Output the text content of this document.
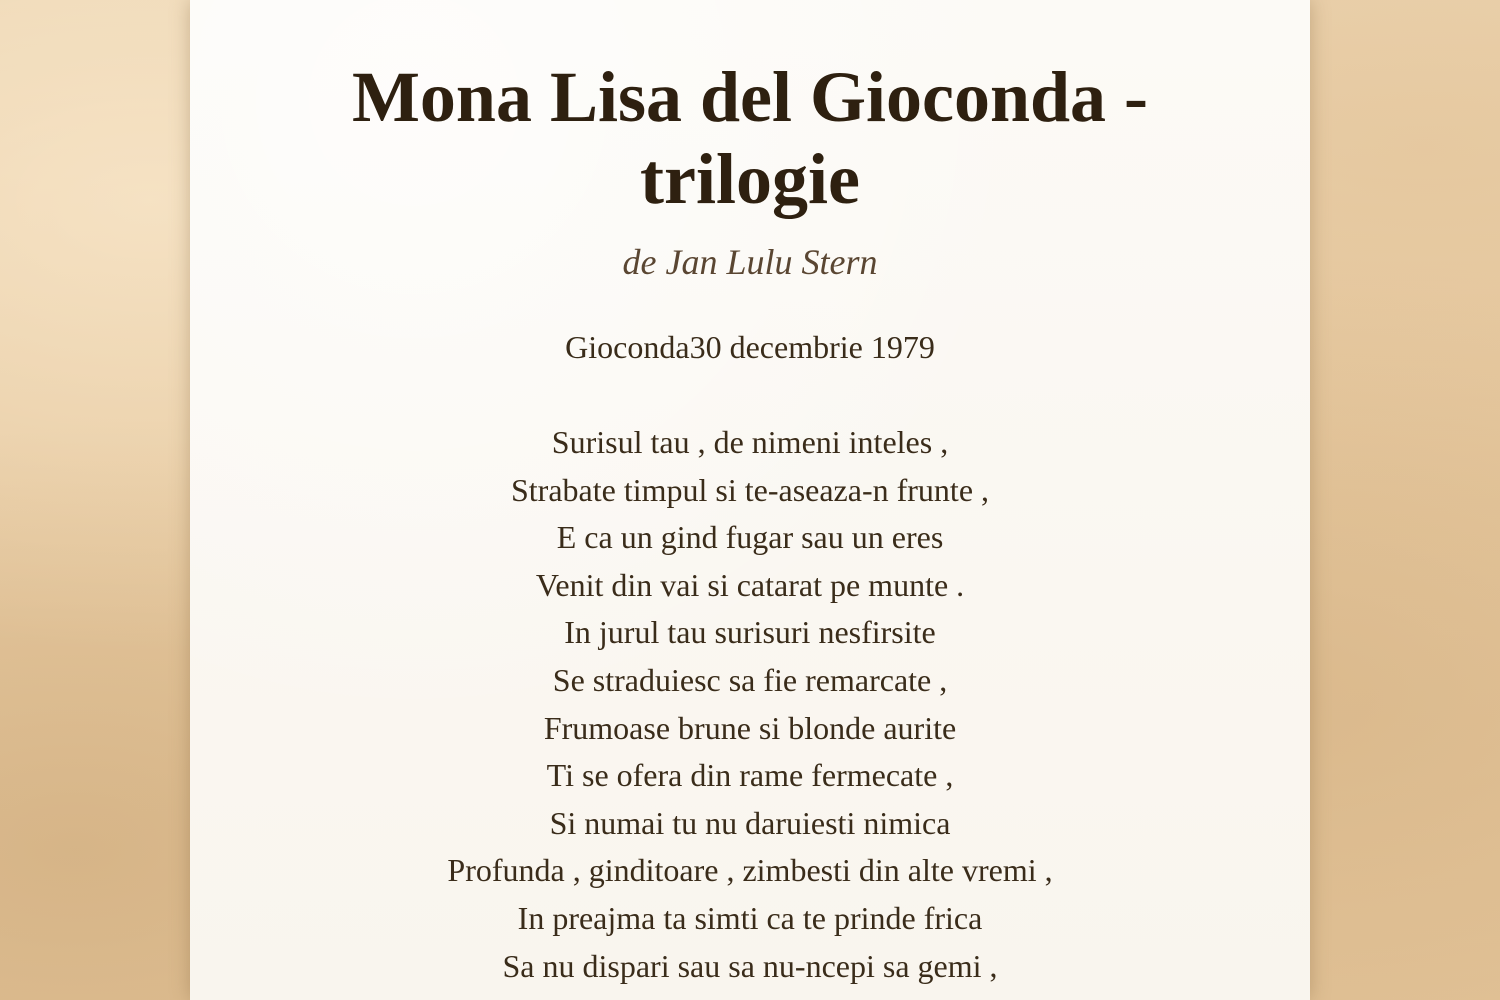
Mona Lisa del Gioconda - trilogie
de Jan Lulu Stern
Gioconda30 decembrie 1979
Surisul tau , de nimeni inteles ,
Strabate timpul si te-aseaza-n frunte ,
E ca un gind fugar sau un eres
Venit din vai si catarat pe munte .
In jurul tau surisuri nesfirsite
Se straduiesc sa fie remarcate ,
Frumoase brune si blonde aurite
Ti se ofera din rame fermecate ,
Si numai tu nu daruiesti nimica
Profunda , ginditoare , zimbesti din alte vremi ,
In preajma ta simti ca te prinde frica
Sa nu dispari sau sa nu-ncepi sa gemi ,
